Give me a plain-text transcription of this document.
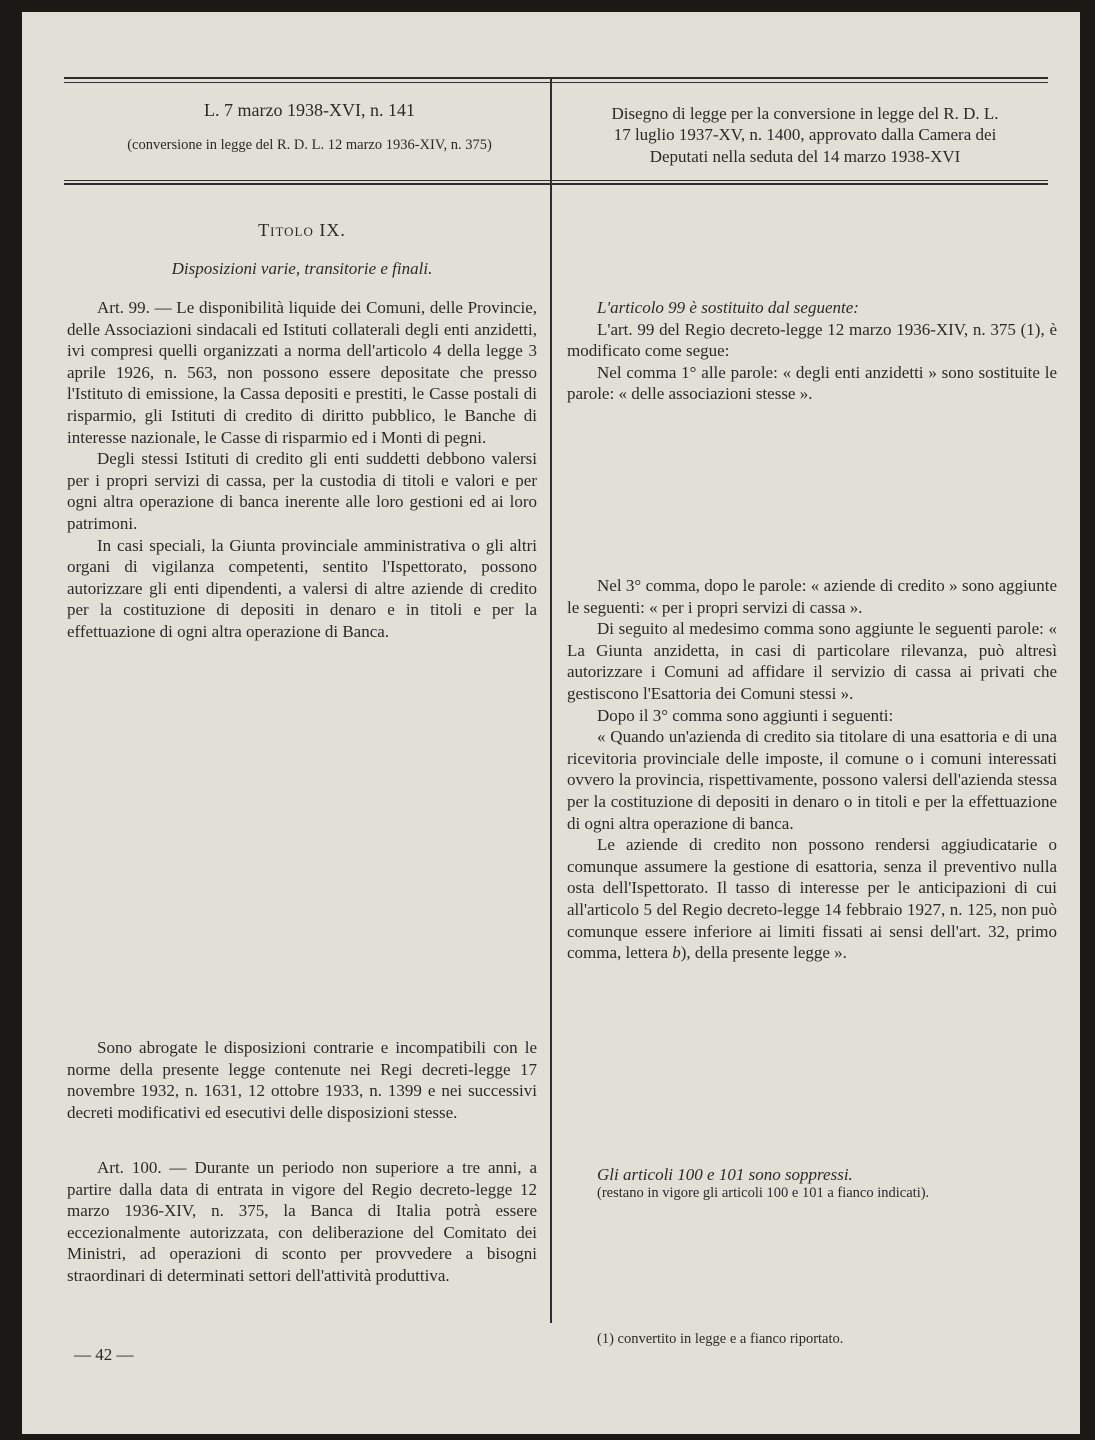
L. 7 marzo 1938-XVI, n. 141
(conversione in legge del R. D. L. 12 marzo 1936-XIV, n. 375)
Disegno di legge per la conversione in legge del R. D. L.
17 luglio 1937-XV, n. 1400, approvato dalla Camera dei
Deputati nella seduta del 14 marzo 1938-XVI
Titolo IX.
Disposizioni varie, transitorie e finali.

Art. 99. — Le disponibilità liquide dei Comuni, delle Provincie, delle Associazioni sindacali ed Istituti collaterali degli enti anzidetti, ivi compresi quelli organizzati a norma dell'articolo 4 della legge 3 aprile 1926, n. 563, non possono essere depositate che presso l'Istituto di emissione, la Cassa depositi e prestiti, le Casse postali di risparmio, gli Istituti di credito di diritto pubblico, le Banche di interesse nazionale, le Casse di risparmio ed i Monti di pegni.

Degli stessi Istituti di credito gli enti suddetti debbono valersi per i propri servizi di cassa, per la custodia di titoli e valori e per ogni altra operazione di banca inerente alle loro gestioni ed ai loro patrimoni.

In casi speciali, la Giunta provinciale amministrativa o gli altri organi di vigilanza competenti, sentito l'Ispettorato, possono autorizzare gli enti dipendenti, a valersi di altre aziende di credito per la costituzione di depositi in denaro e in titoli e per la effettuazione di ogni altra operazione di Banca.

Sono abrogate le disposizioni contrarie e incompatibili con le norme della presente legge contenute nei Regi decreti-legge 17 novembre 1932, n. 1631, 12 ottobre 1933, n. 1399 e nei successivi decreti modificativi ed esecutivi delle disposizioni stesse.

Art. 100. — Durante un periodo non superiore a tre anni, a partire dalla data di entrata in vigore del Regio decreto-legge 12 marzo 1936-XIV, n. 375, la Banca di Italia potrà essere eccezionalmente autorizzata, con deliberazione del Comitato dei Ministri, ad operazioni di sconto per provvedere a bisogni straordinari di determinati settori dell'attività produttiva.

— 42 —

L'articolo 99 è sostituito dal seguente:

L'art. 99 del Regio decreto-legge 12 marzo 1936-XIV, n. 375 (1), è modificato come segue:

Nel comma 1° alle parole: « degli enti anzidetti » sono sostituite le parole: « delle associazioni stesse ».

Nel 3° comma, dopo le parole: « aziende di credito » sono aggiunte le seguenti: « per i propri servizi di cassa ».

Di seguito al medesimo comma sono aggiunte le seguenti parole: « La Giunta anzidetta, in casi di particolare rilevanza, può altresì autorizzare i Comuni ad affidare il servizio di cassa ai privati che gestiscono l'Esattoria dei Comuni stessi ».

Dopo il 3° comma sono aggiunti i seguenti:

« Quando un'azienda di credito sia titolare di una esattoria e di una ricevitoria provinciale delle imposte, il comune o i comuni interessati ovvero la provincia, rispettivamente, possono valersi dell'azienda stessa per la costituzione di depositi in denaro o in titoli e per la effettuazione di ogni altra operazione di banca.

Le aziende di credito non possono rendersi aggiudicatarie o comunque assumere la gestione di esattoria, senza il preventivo nulla osta dell'Ispettorato. Il tasso di interesse per le anticipazioni di cui all'articolo 5 del Regio decreto-legge 14 febbraio 1927, n. 125, non può comunque essere inferiore ai limiti fissati ai sensi dell'art. 32, primo comma, lettera b), della presente legge ».

Gli articoli 100 e 101 sono soppressi.

(restano in vigore gli articoli 100 e 101 a fianco indicati).
(1) convertito in legge e a fianco riportato.
